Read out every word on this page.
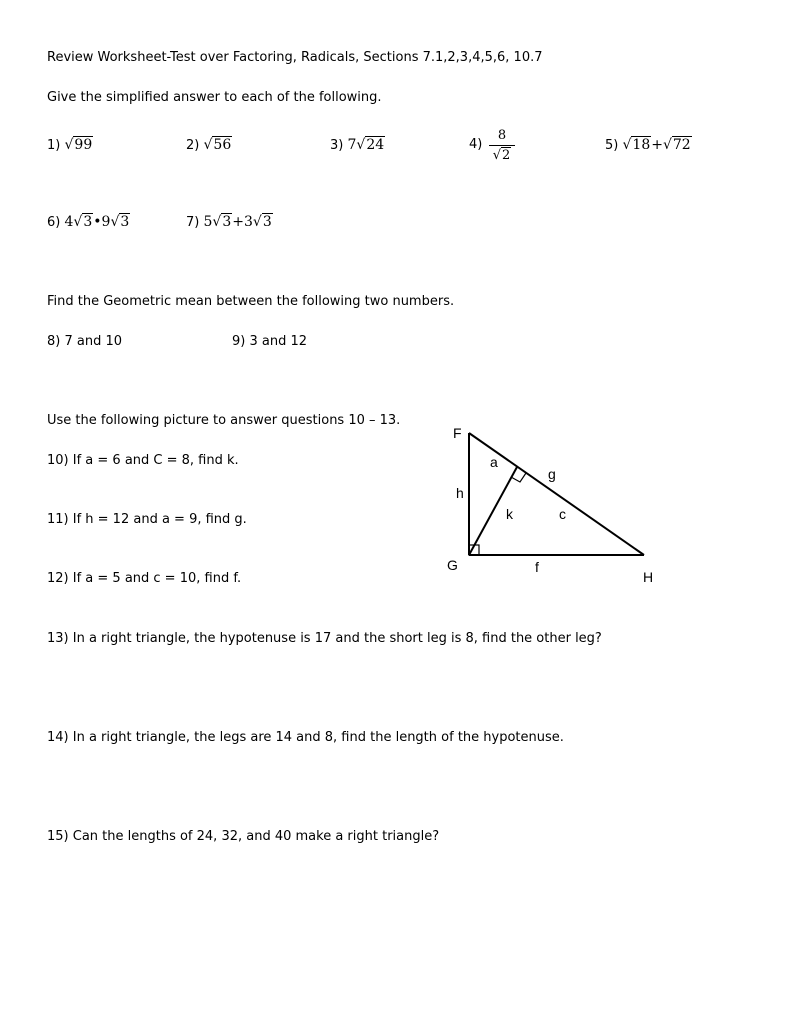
Review Worksheet-Test over Factoring, Radicals, Sections 7.1,2,3,4,5,6, 10.7
Give the simplified answer to each of the following.
1) √99	2) √56	3) 7√24	4)
8
√2
5) √18+√72
6) 4√3•9√3	7) 5√3+3√3
Find the Geometric mean between the following two numbers.
8) 7 and 10	9) 3 and 12
Use the following picture to answer questions 10 – 13.
10) If a = 6 and C = 8, find k.
11) If h = 12 and a = 9, find g.
12) If a = 5 and c = 10, find f.
13) In a right triangle, the hypotenuse is 17 and the short leg is 8, find the other leg?
14) In a right triangle, the legs are 14 and 8, find the length of the hypotenuse.
15) Can the lengths of 24, 32, and 40 make a right triangle?
F
G
H
a
g
h
k	c
f
